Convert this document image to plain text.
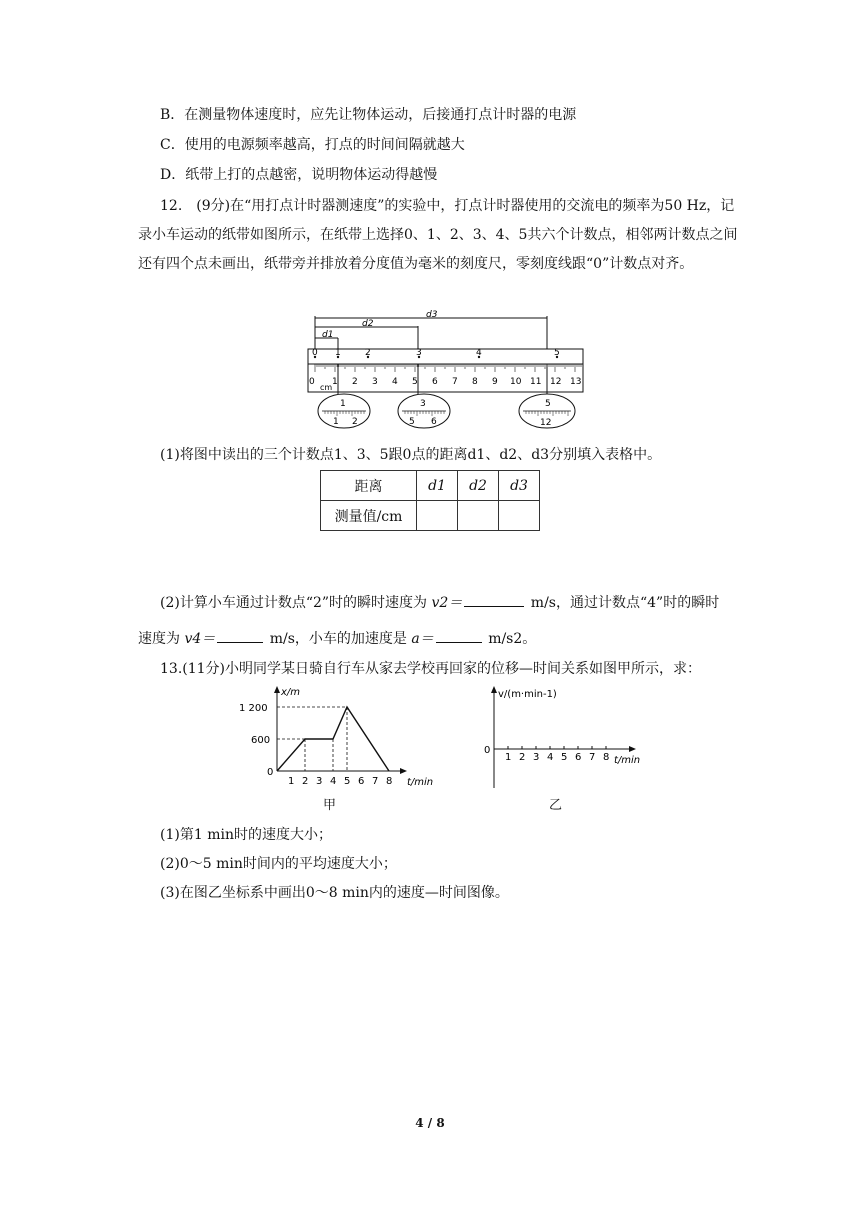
B．在测量物体速度时，应先让物体运动，后接通打点计时器的电源
C．使用的电源频率越高，打点的时间间隔就越大
D．纸带上打的点越密，说明物体运动得越慢
12.　(9分)在“用打点计时器测速度”的实验中，打点计时器使用的交流电的频率为50 Hz，记录小车运动的纸带如图所示，在纸带上选择0、1、2、3、4、5共六个计数点，相邻两计数点之间还有四个点未画出，纸带旁并排放着分度值为毫米的刻度尺，零刻度线跟“0”计数点对齐。
d1
d2
d3
1 2 3 4 5 6 7 8 9 10 11 12 13
0
cm
0 1	2	3	4	5
1
1 2
3
5 6
5
12
(1)将图中读出的三个计数点1、3、5跟0点的距离d1、d2、d3分别填入表格中。
距离	d1	d2	d3
测量值/cm			
(2)计算小车通过计数点“2”时的瞬时速度为 v2＝	m/s，通过计数点“4”时的瞬时
速度为 v4＝	m/s，小车的加速度是 a＝	m/s2。
13.(11分)小明同学某日骑自行车从家去学校再回家的位移—时间关系如图甲所示，求：
0
600
1 200
1 2 3 4 5 6 7 8
x/m
t/min
甲
v/(m·min-1)
0
1 2 3 4 5 6 7 8 t/min
乙
(1)第1 min时的速度大小；
(2)0～5 min时间内的平均速度大小；
(3)在图乙坐标系中画出0～8 min内的速度—时间图像。
4 / 8
